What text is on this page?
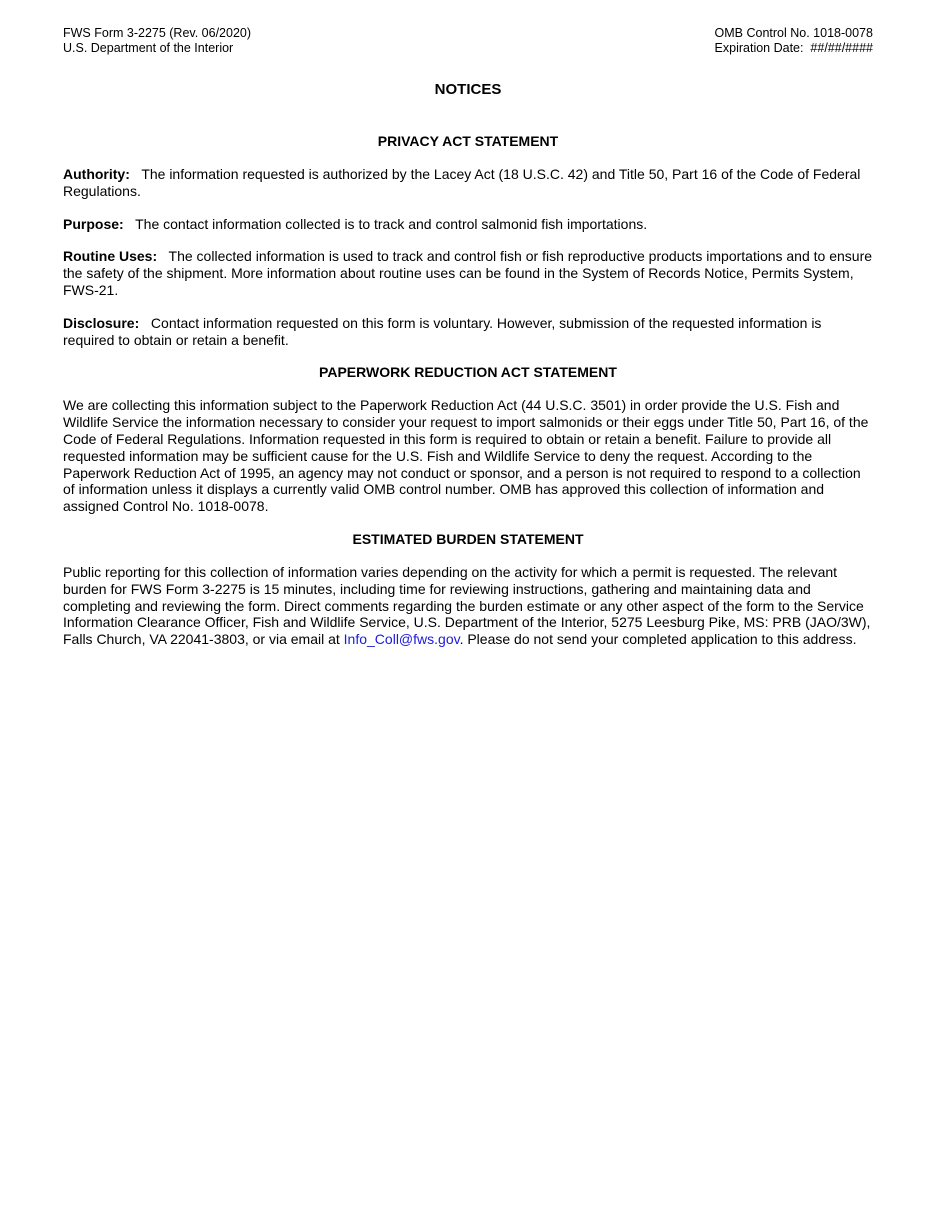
FWS Form 3-2275 (Rev. 06/2020)
U.S. Department of the Interior
OMB Control No. 1018-0078
Expiration Date:  ##/##/####
NOTICES
PRIVACY ACT STATEMENT

Authority: The information requested is authorized by the Lacey Act (18 U.S.C. 42) and Title 50, Part 16 of the Code of Federal Regulations.

Purpose: The contact information collected is to track and control salmonid fish importations.

Routine Uses: The collected information is used to track and control fish or fish reproductive products importations and to ensure the safety of the shipment. More information about routine uses can be found in the System of Records Notice, Permits System, FWS-21.

Disclosure: Contact information requested on this form is voluntary. However, submission of the requested information is required to obtain or retain a benefit.

PAPERWORK REDUCTION ACT STATEMENT

We are collecting this information subject to the Paperwork Reduction Act (44 U.S.C. 3501) in order provide the U.S. Fish and Wildlife Service the information necessary to consider your request to import salmonids or their eggs under Title 50, Part 16, of the Code of Federal Regulations. Information requested in this form is required to obtain or retain a benefit. Failure to provide all requested information may be sufficient cause for the U.S. Fish and Wildlife Service to deny the request. According to the Paperwork Reduction Act of 1995, an agency may not conduct or sponsor, and a person is not required to respond to a collection of information unless it displays a currently valid OMB control number. OMB has approved this collection of information and assigned Control No. 1018-0078.

ESTIMATED BURDEN STATEMENT

Public reporting for this collection of information varies depending on the activity for which a permit is requested. The relevant burden for FWS Form 3-2275 is 15 minutes, including time for reviewing instructions, gathering and maintaining data and completing and reviewing the form. Direct comments regarding the burden estimate or any other aspect of the form to the Service Information Clearance Officer, Fish and Wildlife Service, U.S. Department of the Interior, 5275 Leesburg Pike, MS: PRB (JAO/3W), Falls Church, VA 22041-3803, or via email at Info_Coll@fws.gov. Please do not send your completed application to this address.
